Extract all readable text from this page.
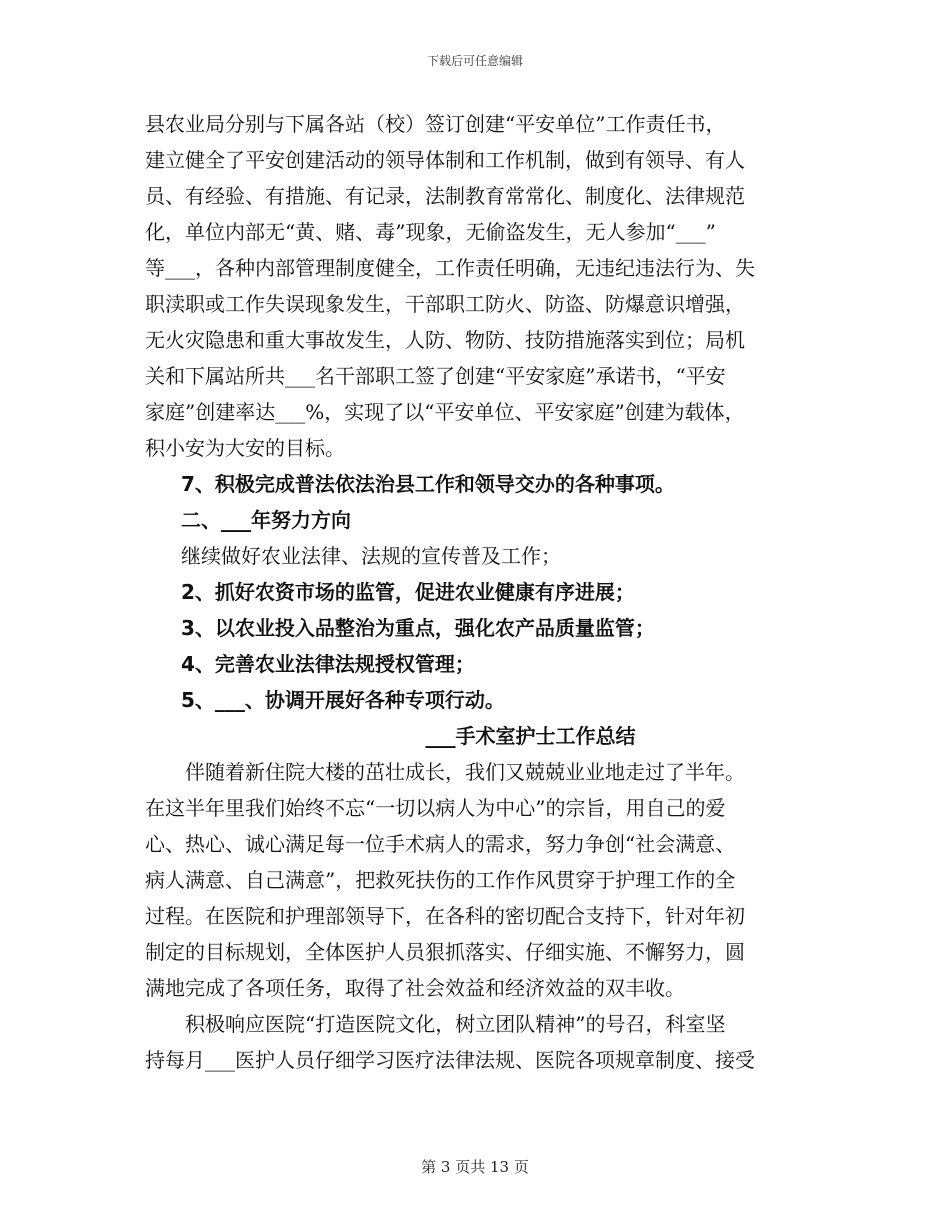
下载后可任意编辑
县农业局分别与下属各站（校）签订创建“平安单位”工作责任书，
建立健全了平安创建活动的领导体制和工作机制，做到有领导、有人
员、有经验、有措施、有记录，法制教育常常化、制度化、法律规范
化，单位内部无“黄、赌、毒”现象，无偷盗发生，无人参加“___”
等___，各种内部管理制度健全，工作责任明确，无违纪违法行为、失
职渎职或工作失误现象发生，干部职工防火、防盗、防爆意识增强，
无火灾隐患和重大事故发生，人防、物防、技防措施落实到位；局机
关和下属站所共___名干部职工签了创建“平安家庭”承诺书，“平安
家庭”创建率达___%，实现了以“平安单位、平安家庭”创建为载体，
积小安为大安的目标。
7、积极完成普法依法治县工作和领导交办的各种事项。
二、___年努力方向
继续做好农业法律、法规的宣传普及工作；
2、抓好农资市场的监管，促进农业健康有序进展；
3、以农业投入品整治为重点，强化农产品质量监管；
4、完善农业法律法规授权管理；
5、___、协调开展好各种专项行动。
___手术室护士工作总结
伴随着新住院大楼的茁壮成长，我们又兢兢业业地走过了半年。
在这半年里我们始终不忘“一切以病人为中心”的宗旨，用自己的爱
心、热心、诚心满足每一位手术病人的需求，努力争创“社会满意、
病人满意、自己满意”，把救死扶伤的工作作风贯穿于护理工作的全
过程。在医院和护理部领导下，在各科的密切配合支持下，针对年初
制定的目标规划，全体医护人员狠抓落实、仔细实施、不懈努力，圆
满地完成了各项任务，取得了社会效益和经济效益的双丰收。
积极响应医院“打造医院文化，树立团队精神”的号召，科室坚
持每月___医护人员仔细学习医疗法律法规、医院各项规章制度、接受
第 3 页共 13 页
